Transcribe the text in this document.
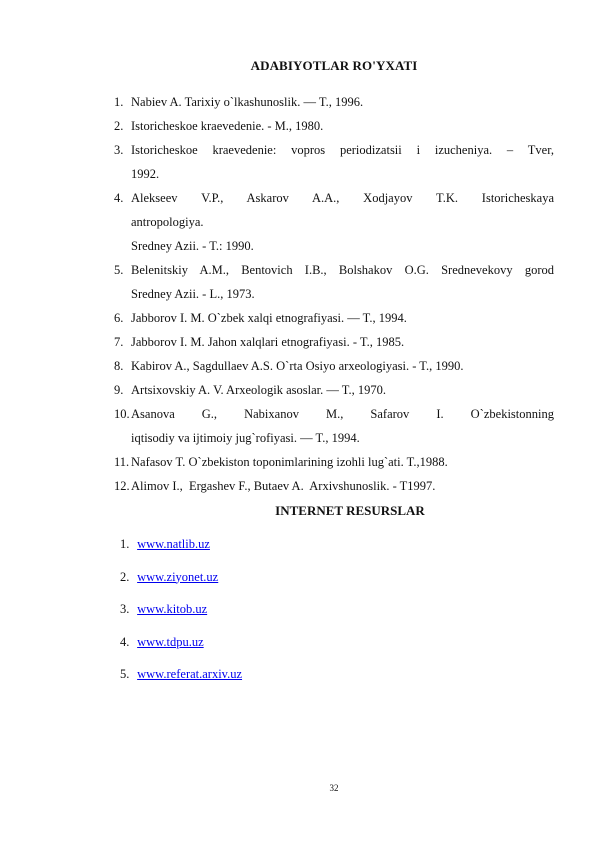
ADABIYOTLAR RO'YXATI
1. Nabiev A. Tarixiy o`lkashunoslik. — T., 1996.
2. Istoricheskoe kraevedenie. - M., 1980.
3. Istoricheskoe kraevedenie: vopros periodizatsii i izucheniya. – Tver,
1992.
4. Alekseev V.P., Askarov A.A., Xodjayov T.K. Istoricheskaya
antropologiya.
Sredney Azii. - T.: 1990.
5. Belenitskiy A.M., Bentovich I.B., Bolshakov O.G. Srednevekovy gorod
Sredney Azii. - L., 1973.
6. Jabborov I. M. O`zbek xalqi etnografiyasi. — T., 1994.
7. Jabborov I. M. Jahon xalqlari etnografiyasi. - T., 1985.
8. Kabirov A., Sagdullaev A.S. O`rta Osiyo arxeologiyasi. - T., 1990.
9. Artsixovskiy A. V. Arxeologik asoslar. — T., 1970.
10. Asanova G., Nabixanov M., Safarov I. O`zbekistonning
iqtisodiy va ijtimoiy jug`rofiyasi. — T., 1994.
11. Nafasov T. O`zbekiston toponimlarining izohli lug`ati. T.,1988.
12. Alimov I.,  Ergashev F., Butaev A.  Arxivshunoslik. - T1997.
INTERNET RESURSLAR
1. www.natlib.uz
2. www.ziyonet.uz
3. www.kitob.uz
4. www.tdpu.uz
5. www.referat.arxiv.uz
32
